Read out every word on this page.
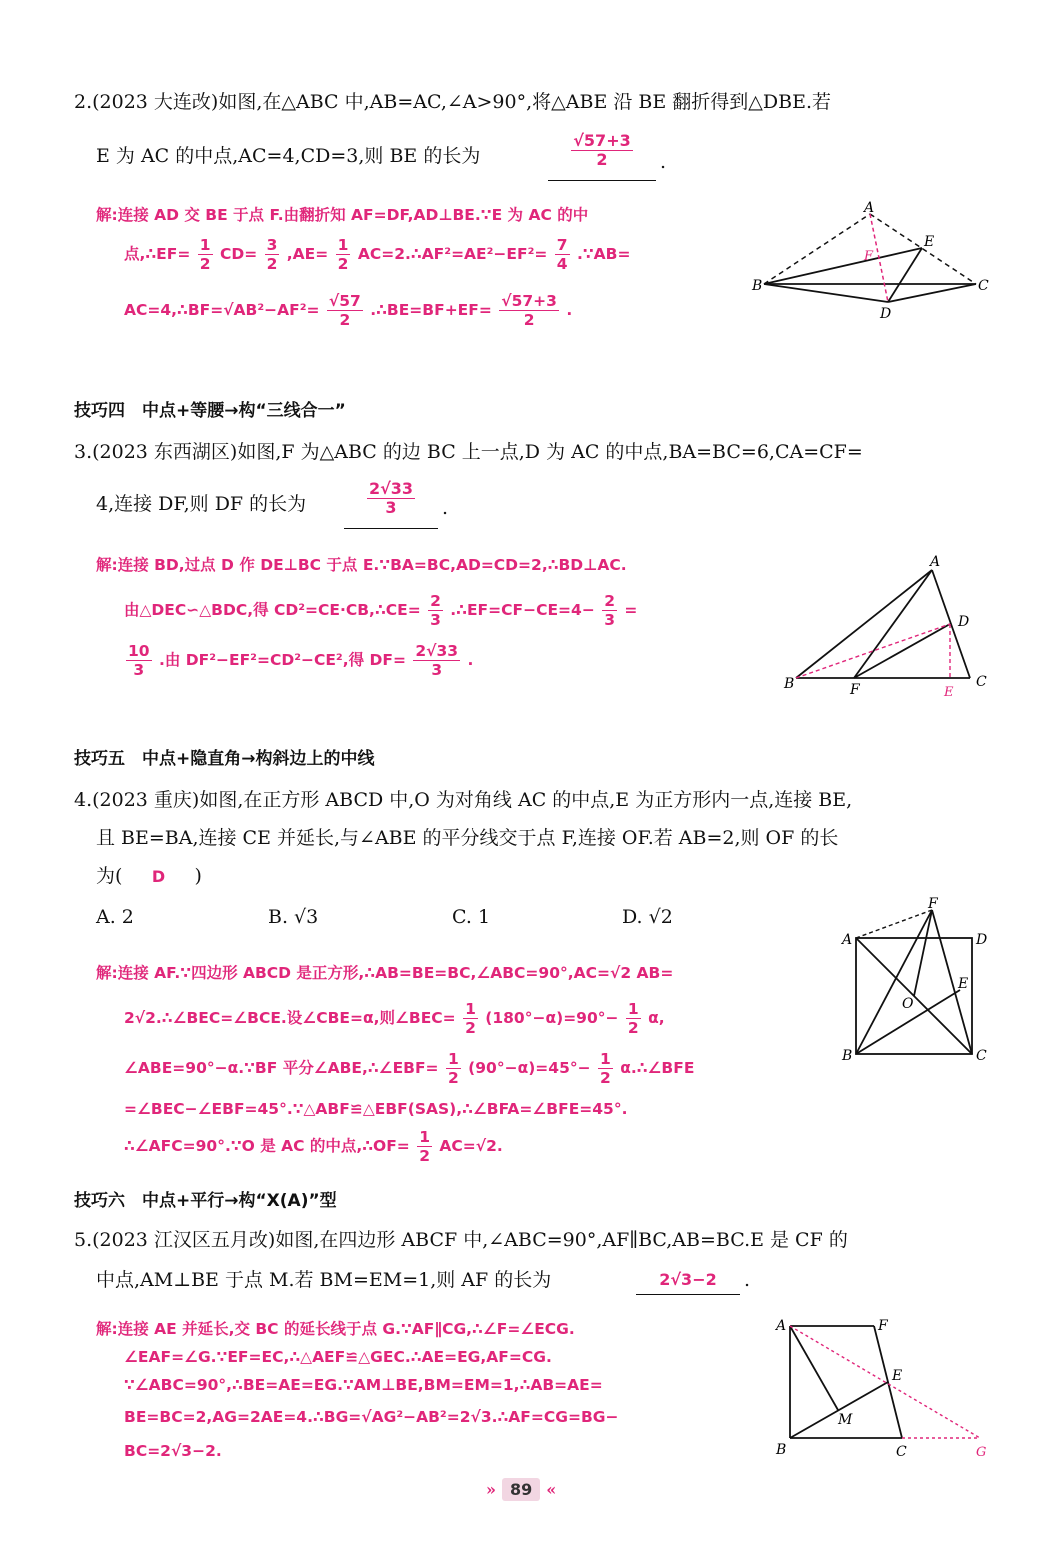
2.(2023 大连改)如图,在△ABC 中,AB=AC,∠A>90°,将△ABE 沿 BE 翻折得到△DBE.若
E 为 AC 的中点,AC=4,CD=3,则 BE 的长为	$\frac{√57+3}{2}$ .
解:连接 AD 交 BE 于点 F.由翻折知 AF=DF,AD⊥BE.∵E 为 AC 的中
点,∴EF= $\frac{1}{2} CD= \frac{3}{2} ,AE= \frac{1}{2}$ AC=2.∴AF²=AE²−EF²= $\frac{7}{4}$ .∵AB=
AC=4,∴BF=√AB²−AF²= $\frac{√57}{2}$ .∴BE=BF+EF= $\frac{√57+3}{2}$ .
A
B	C
D
E
F
技巧四　中点+等腰→构“三线合一”
3.(2023 东西湖区)如图,F 为△ABC 的边 BC 上一点,D 为 AC 的中点,BA=BC=6,CA=CF=
4,连接 DF,则 DF 的长为	$\frac{2√33}{3}$ .
解:连接 BD,过点 D 作 DE⊥BC 于点 E.∵BA=BC,AD=CD=2,∴BD⊥AC.
由△DEC∽△BDC,得 CD²=CE·CB,∴CE= $\frac{2}{3}$ .∴EF=CF−CE=4− $\frac{2}{3}$ =
$\frac{10}{3}$ .由 DF²−EF²=CD²−CE²,得 $DF= \frac{2√33}{3}$ .
A
B	C
D
E
F
技巧五　中点+隐直角→构斜边上的中线
4.(2023 重庆)如图,在正方形 ABCD 中,O 为对角线 AC 的中点,E 为正方形内一点,连接 BE,
且 BE=BA,连接 CE 并延长,与∠ABE 的平分线交于点 F,连接 OF.若 AB=2,则 OF 的长
为( D )
A. 2	B. √3	C. 1	D. √2
解:连接 AF.∵四边形 ABCD 是正方形,∴AB=BE=BC,∠ABC=90°,AC=√2 AB=
2√2.∴∠BEC=∠BCE.设∠CBE=α,则∠BEC= $\frac{1}{2} (180^\circ-\alpha)=90^\circ- \frac{1}{2} \alpha$,
∠ABE=90°−α.∵BF 平分∠ABE,∴∠EBF= $\frac{1}{2} (90^\circ-\alpha)=45^\circ- \frac{1}{2}$ α.∴∠BFE
=∠BEC−∠EBF=45°.∵△ABF≌△EBF(SAS),∴∠BFA=∠BFE=45°.
∴∠AFC=90°.∵O 是 AC 的中点,∴OF= $\frac{1}{2} AC=√2$.
F
A	D
B	C
E
O
技巧六　中点+平行→构“X(A)”型
5.(2023 江汉区五月改)如图,在四边形 ABCF 中,∠ABC=90°,AF∥BC,AB=BC.E 是 CF 的
中点,AM⊥BE 于点 M.若 BM=EM=1,则 AF 的长为	2√3−2	.
解:连接 AE 并延长,交 BC 的延长线于点 G.∵AF∥CG,∴∠F=∠ECG.
∠EAF=∠G.∵EF=EC,∴△AEF≌△GEC.∴AE=EG,AF=CG.
∵∠ABC=90°,∴BE=AE=EG.∵AM⊥BE,BM=EM=1,∴AB=AE=
BE=BC=2,AG=2AE=4.∴BG=√AG²−AB²=2√3.∴AF=CG=BG−
BC=2√3−2.
A	F
B	C
E
G
M
» 89 «
